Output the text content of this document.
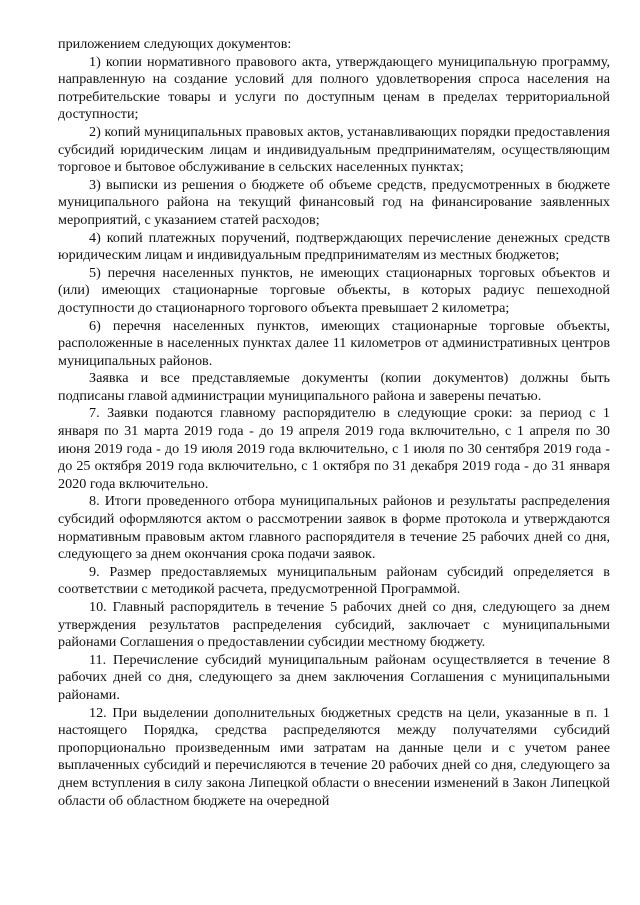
приложением следующих документов:

1) копии нормативного правового акта, утверждающего муниципальную программу, направленную на создание условий для полного удовлетворения спроса населения на потребительские товары и услуги по доступным ценам в пределах территориальной доступности;

2) копий муниципальных правовых актов, устанавливающих порядки предоставления субсидий юридическим лицам и индивидуальным предпринимателям, осуществляющим торговое и бытовое обслуживание в сельских населенных пунктах;

3) выписки из решения о бюджете об объеме средств, предусмотренных в бюджете муниципального района на текущий финансовый год на финансирование заявленных мероприятий, с указанием статей расходов;

4) копий платежных поручений, подтверждающих перечисление денежных средств юридическим лицам и индивидуальным предпринимателям из местных бюджетов;

5) перечня населенных пунктов, не имеющих стационарных торговых объектов и (или) имеющих стационарные торговые объекты, в которых радиус пешеходной доступности до стационарного торгового объекта превышает 2 километра;

6) перечня населенных пунктов, имеющих стационарные торговые объекты, расположенные в населенных пунктах далее 11 километров от административных центров муниципальных районов.

Заявка и все представляемые документы (копии документов) должны быть подписаны главой администрации муниципального района и заверены печатью.

7. Заявки подаются главному распорядителю в следующие сроки: за период с 1 января по 31 марта 2019 года - до 19 апреля 2019 года включительно, с 1 апреля по 30 июня 2019 года - до 19 июля 2019 года включительно, с 1 июля по 30 сентября 2019 года - до 25 октября 2019 года включительно, с 1 октября по 31 декабря 2019 года - до 31 января 2020 года включительно.

8. Итоги проведенного отбора муниципальных районов и результаты распределения субсидий оформляются актом о рассмотрении заявок в форме протокола и утверждаются нормативным правовым актом главного распорядителя в течение 25 рабочих дней со дня, следующего за днем окончания срока подачи заявок.

9. Размер предоставляемых муниципальным районам субсидий определяется в соответствии с методикой расчета, предусмотренной Программой.

10. Главный распорядитель в течение 5 рабочих дней со дня, следующего за днем утверждения результатов распределения субсидий, заключает с муниципальными районами Соглашения о предоставлении субсидии местному бюджету.

11. Перечисление субсидий муниципальным районам осуществляется в течение 8 рабочих дней со дня, следующего за днем заключения Соглашения с муниципальными районами.

12. При выделении дополнительных бюджетных средств на цели, указанные в п. 1 настоящего Порядка, средства распределяются между получателями субсидий пропорционально произведенным ими затратам на данные цели и с учетом ранее выплаченных субсидий и перечисляются в течение 20 рабочих дней со дня, следующего за днем вступления в силу закона Липецкой области о внесении изменений в Закон Липецкой области об областном бюджете на очередной
